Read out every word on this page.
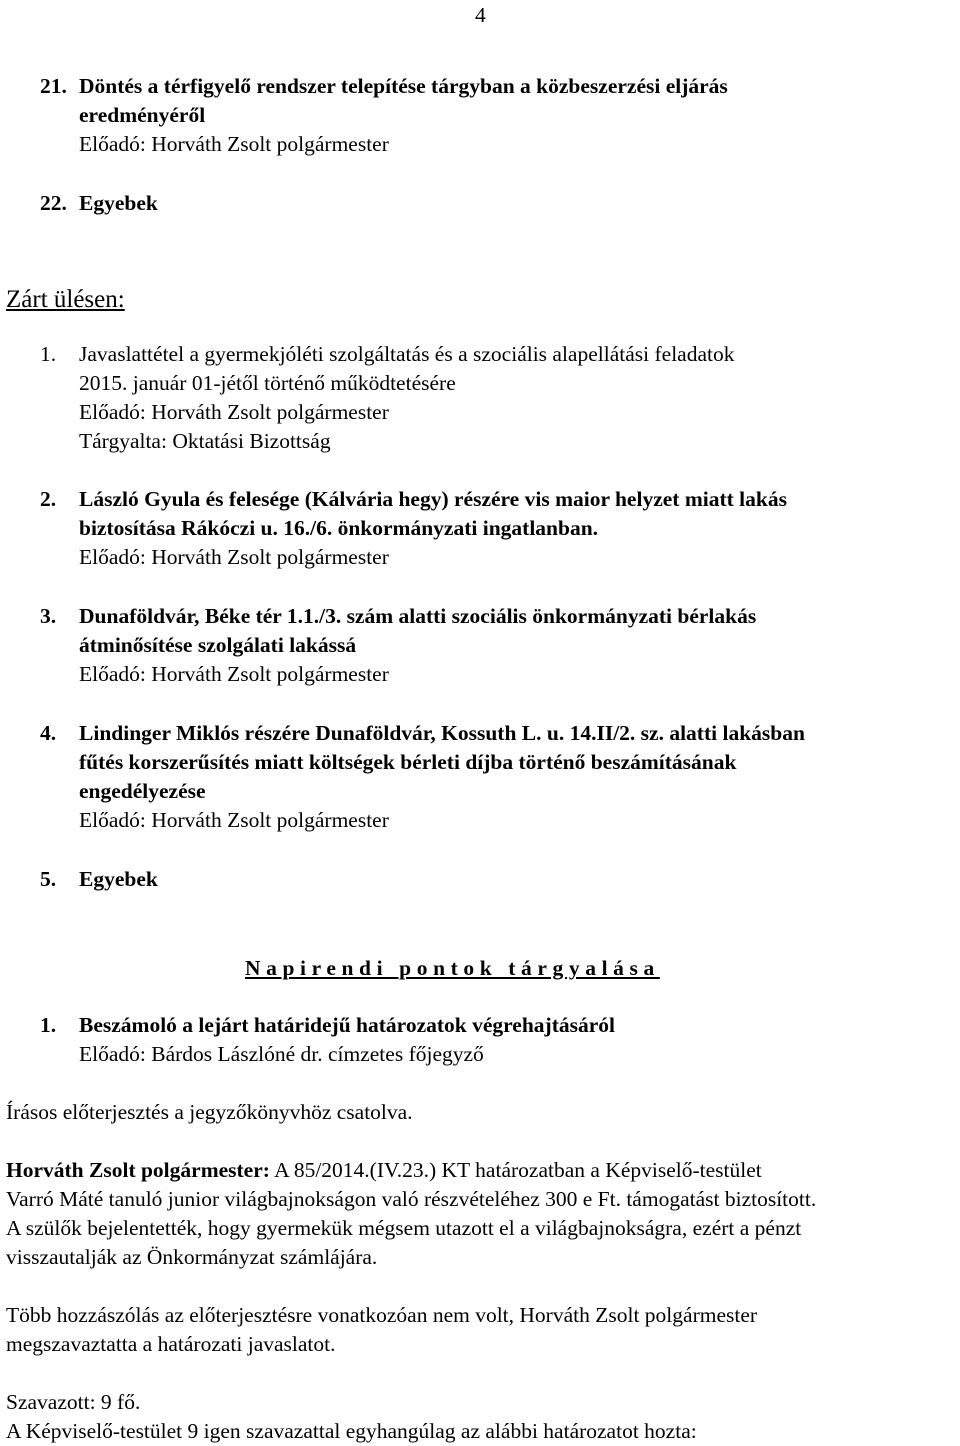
4
21. Döntés a térfigyelő rendszer telepítése tárgyban a közbeszerzési eljárás
eredményéről
Előadó: Horváth Zsolt polgármester
22. Egyebek
Zárt ülésen:
1. Javaslattétel a gyermekjóléti szolgáltatás és a szociális alapellátási feladatok
2015. január 01-jétől történő működtetésére
Előadó: Horváth Zsolt polgármester
Tárgyalta: Oktatási Bizottság
2. László Gyula és felesége (Kálvária hegy) részére vis maior helyzet miatt lakás
biztosítása Rákóczi u. 16./6. önkormányzati ingatlanban.
Előadó: Horváth Zsolt polgármester
3. Dunaföldvár, Béke tér 1.1./3. szám alatti szociális önkormányzati bérlakás
átminősítése szolgálati lakássá
Előadó: Horváth Zsolt polgármester
4. Lindinger Miklós részére Dunaföldvár, Kossuth L. u. 14.II/2. sz. alatti lakásban
fűtés korszerűsítés miatt költségek bérleti díjba történő beszámításának
engedélyezése
Előadó: Horváth Zsolt polgármester
5. Egyebek
Napirendi pontok tárgyalása
1. Beszámoló a lejárt határidejű határozatok végrehajtásáról
Előadó: Bárdos Lászlóné dr. címzetes főjegyző
Írásos előterjesztés a jegyzőkönyvhöz csatolva.
Horváth Zsolt polgármester: A 85/2014.(IV.23.) KT határozatban a Képviselő-testület
Varró Máté tanuló junior világbajnokságon való részvételéhez 300 e Ft. támogatást biztosított.
A szülők bejelentették, hogy gyermekük mégsem utazott el a világbajnokságra, ezért a pénzt
visszautalják az Önkormányzat számlájára.
Több hozzászólás az előterjesztésre vonatkozóan nem volt, Horváth Zsolt polgármester
megszavaztatta a határozati javaslatot.
Szavazott: 9 fő.
A Képviselő-testület 9 igen szavazattal egyhangúlag az alábbi határozatot hozta:
